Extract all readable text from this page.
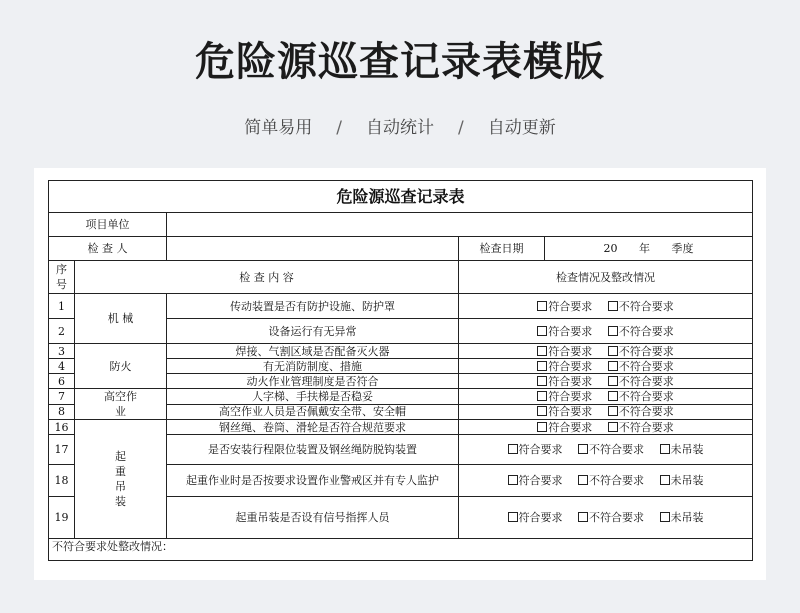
危险源巡查记录表模版
简单易用 / 自动统计 / 自动更新
危险源巡查记录表				
项目单位				
检 查 人			检查日期	20 年 季度
序号	检 查 内 容		检查情况及整改情况	
1	机 械	传动装置是否有防护设施、防护罩	符合要求 不符合要求	
2		设备运行有无异常	符合要求 不符合要求	
3	防火	焊接、气割区域是否配备灭火器	符合要求 不符合要求	
4		有无消防制度、措施	符合要求 不符合要求	
6		动火作业管理制度是否符合	符合要求 不符合要求	
7	高空作业	人字梯、手扶梯是否稳妥	符合要求 不符合要求	
8		高空作业人员是否佩戴安全带、安全帽	符合要求 不符合要求	
16	起重吊装	钢丝绳、卷筒、滑轮是否符合规范要求	符合要求 不符合要求	
17		是否安装行程限位装置及钢丝绳防脱钩装置	符合要求 不符合要求 未吊装	
18		起重作业时是否按要求设置作业警戒区并有专人监护	符合要求 不符合要求 未吊装	
19		起重吊装是否设有信号指挥人员	符合要求 不符合要求 未吊装	
不符合要求处整改情况：				
